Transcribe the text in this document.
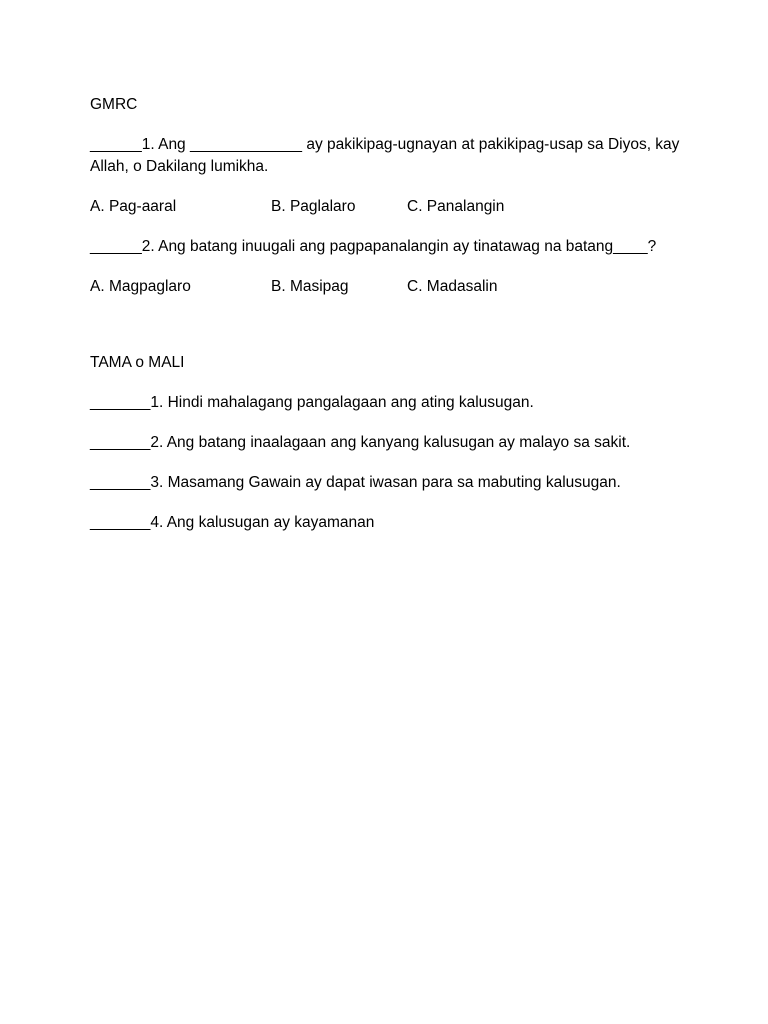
GMRC
______1. Ang _____________ ay pakikipag-ugnayan at pakikipag-usap sa Diyos, kay Allah, o Dakilang lumikha.
A. Pag-aaral	B. Paglalaro	C. Panalangin
______2. Ang batang inuugali ang pagpapanalangin ay tinatawag na batang____?
A. Magpaglaro	B. Masipag	C. Madasalin
TAMA o MALI
_______1. Hindi mahalagang pangalagaan ang ating kalusugan.
_______2. Ang batang inaalagaan ang kanyang kalusugan ay malayo sa sakit.
_______3. Masamang Gawain ay dapat iwasan para sa mabuting kalusugan.
_______4. Ang kalusugan ay kayamanan
